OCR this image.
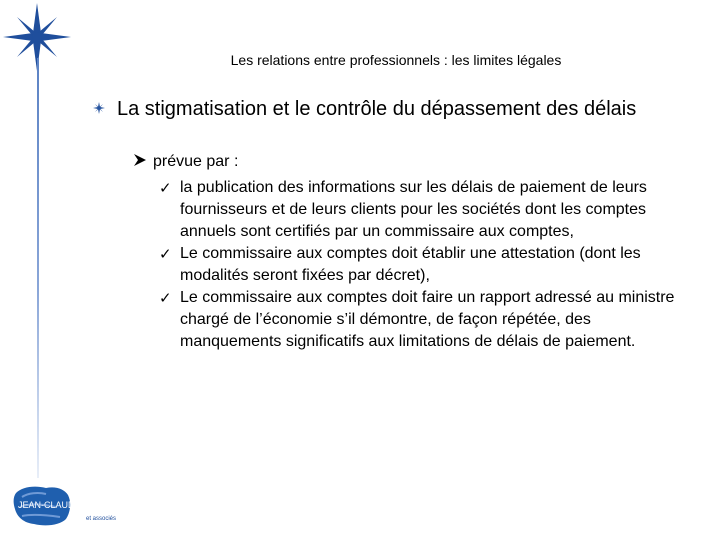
Les relations entre professionnels : les limites légales
La stigmatisation et le contrôle du dépassement des délais
prévue par :
✓ la publication des informations sur les délais de paiement de leurs fournisseurs et de leurs clients pour les sociétés dont les comptes annuels sont certifiés par un commissaire aux comptes,
✓ Le commissaire aux comptes doit établir une attestation (dont les modalités seront fixées par décret),
✓ Le commissaire aux comptes doit faire un rapport adressé au ministre chargé de l’économie s’il démontre, de façon répétée, des manquements significatifs aux limitations de délais de paiement.
JEAN-CLAUDE COULON
et associés
